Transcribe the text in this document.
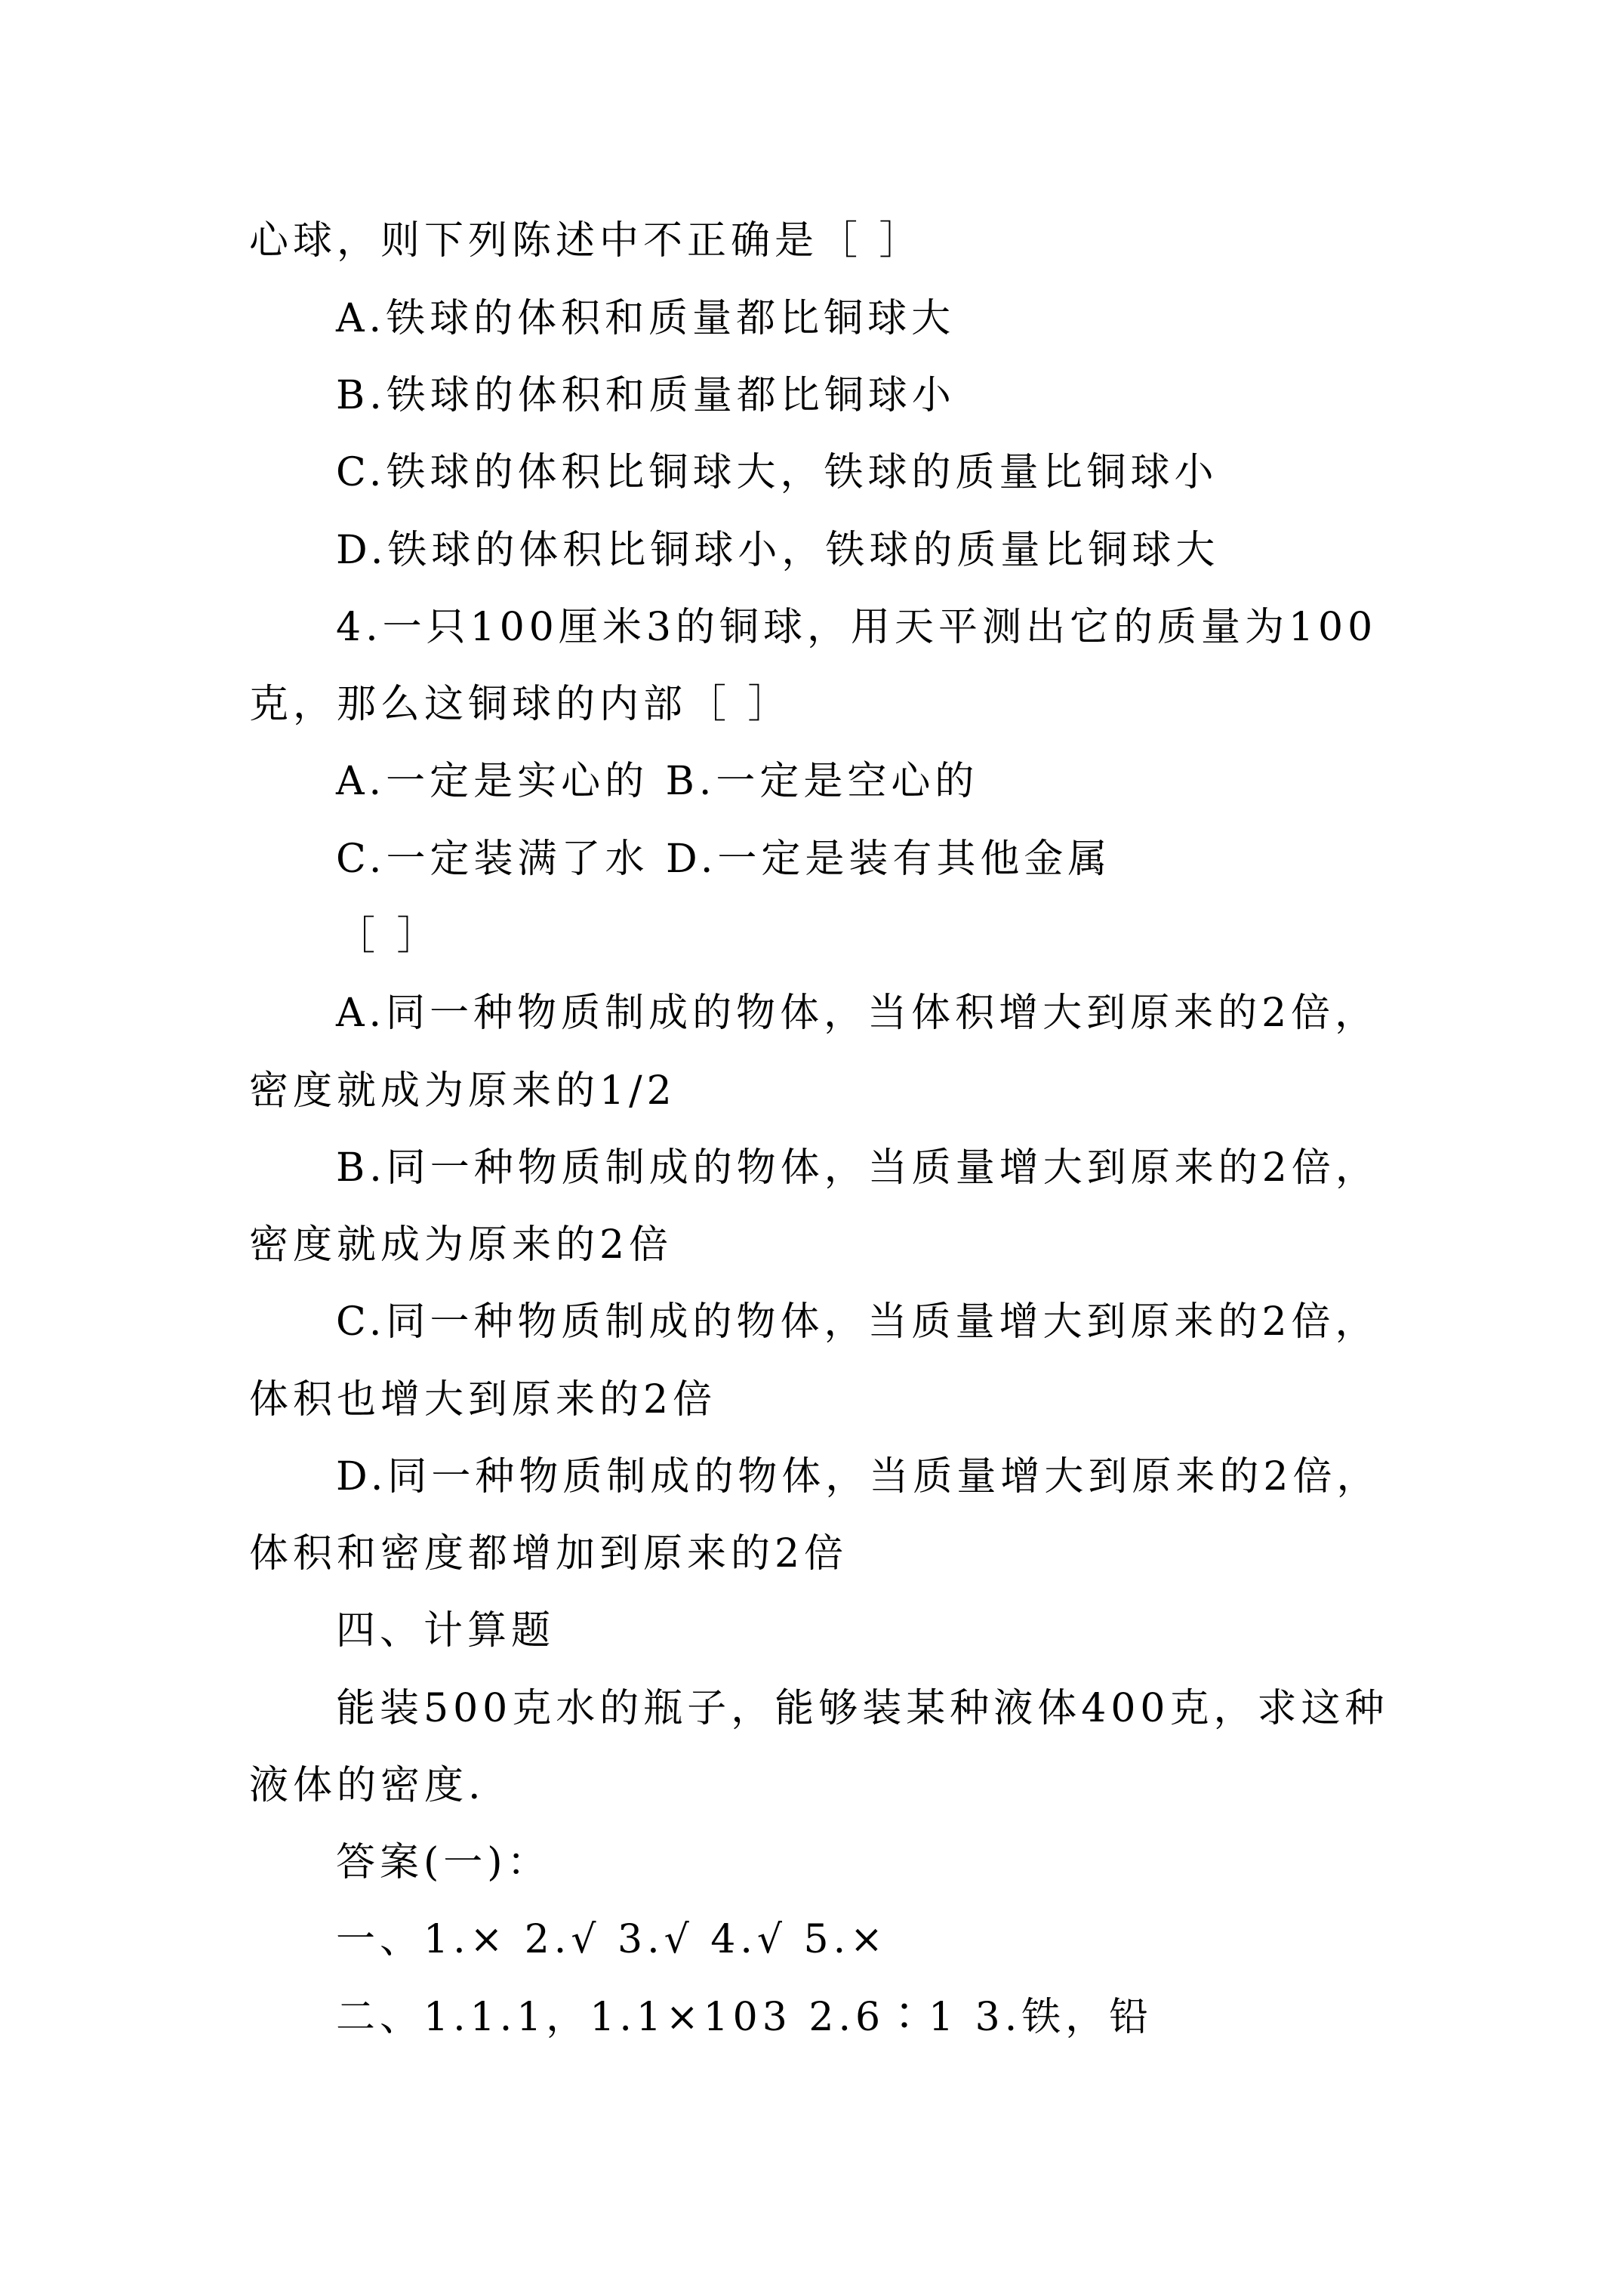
心球，则下列陈述中不正确是［ ］
A.铁球的体积和质量都比铜球大
B.铁球的体积和质量都比铜球小
C.铁球的体积比铜球大，铁球的质量比铜球小
D.铁球的体积比铜球小，铁球的质量比铜球大
4.一只100厘米3的铜球，用天平测出它的质量为100
克，那么这铜球的内部［ ］
A.一定是实心的 B.一定是空心的
C.一定装满了水 D.一定是装有其他金属
［ ］
A.同一种物质制成的物体，当体积增大到原来的2倍，
密度就成为原来的1/2
B.同一种物质制成的物体，当质量增大到原来的2倍，
密度就成为原来的2倍
C.同一种物质制成的物体，当质量增大到原来的2倍，
体积也增大到原来的2倍
D.同一种物质制成的物体，当质量增大到原来的2倍，
体积和密度都增加到原来的2倍
四、计算题
能装500克水的瓶子，能够装某种液体400克，求这种
液体的密度.
答案(一)：
一、1.× 2.√ 3.√ 4.√ 5.×
二、1.1.1，1.1×103 2.6∶1 3.铁，铅
